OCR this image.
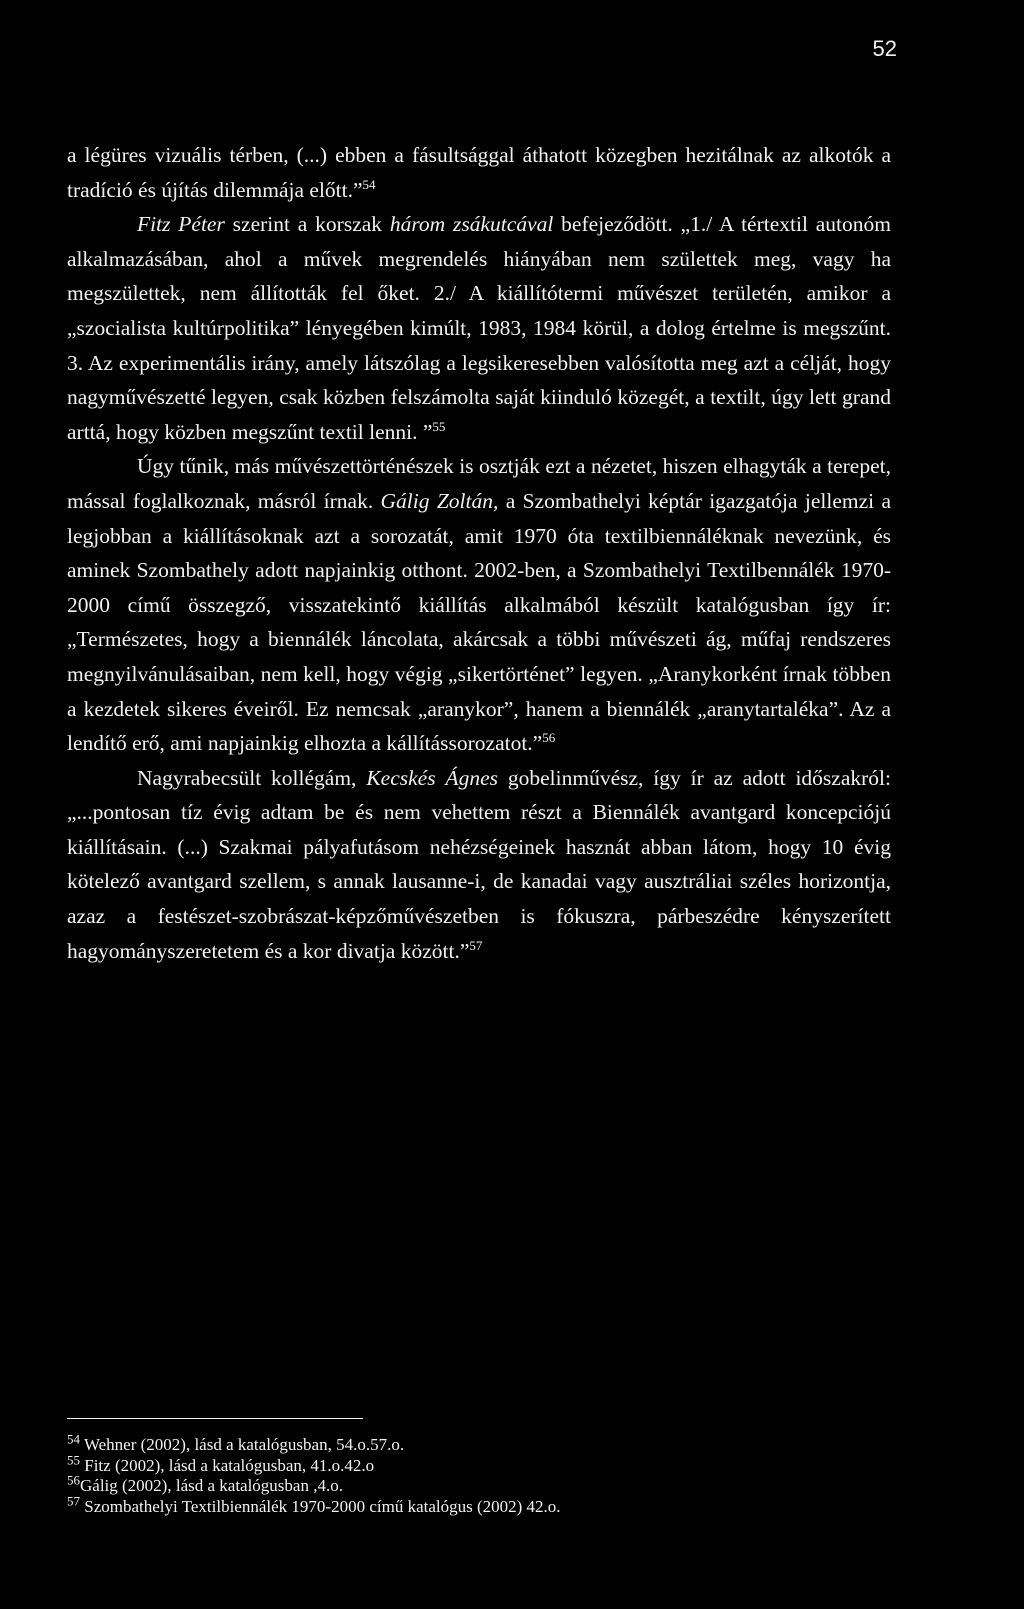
52

a légüres vizuális térben, (...) ebben a fásultsággal áthatott közegben hezitálnak az alkotók a tradíció és újítás dilemmája előtt.”$^{54}$

Fitz Péter szerint a korszak három zsákutcával befejeződött. „1./ A tértextil autonóm alkalmazásában, ahol a művek megrendelés hiányában nem születtek meg, vagy ha megszülettek, nem állították fel őket. 2./ A kiállítótermi művészet területén, amikor a „szocialista kultúrpolitika” lényegében kimúlt, 1983, 1984 körül, a dolog értelme is megszűnt. 3. Az experimentális irány, amely látszólag a legsikeresebben valósította meg azt a célját, hogy nagyművészetté legyen, csak közben felszámolta saját kiinduló közegét, a textilt, úgy lett grand arttá, hogy közben megszűnt textil lenni. ”$^{55}$

Úgy tűnik, más művészettörténészek is osztják ezt a nézetet, hiszen elhagyták a terepet, mással foglalkoznak, másról írnak. Gálig Zoltán, a Szombathelyi képtár igazgatója jellemzi a legjobban a kiállításoknak azt a sorozatát, amit 1970 óta textilbiennáléknak nevezünk, és aminek Szombathely adott napjainkig otthont. 2002-ben, a Szombathelyi Textilbennálék 1970-2000 című összegző, visszatekintő kiállítás alkalmából készült katalógusban így ír: „Természetes, hogy a biennálék láncolata, akárcsak a többi művészeti ág, műfaj rendszeres megnyilvánulásaiban, nem kell, hogy végig „sikertörténet” legyen. „Aranykorként írnak többen a kezdetek sikeres éveiről. Ez nemcsak „aranykor”, hanem a biennálék „aranytartaléka”. Az a lendítő erő, ami napjainkig elhozta a kállítássorozatot.”$^{56}$

Nagyrabecsült kollégám, Kecskés Ágnes gobelinművész, így ír az adott időszakról: „...pontosan tíz évig adtam be és nem vehettem részt a Biennálék avantgard koncepciójú kiállításain. (...) Szakmai pályafutásom nehézségeinek hasznát abban látom, hogy 10 évig kötelező avantgard szellem, s annak lausanne-i, de kanadai vagy ausztráliai széles horizontja, azaz a festészet-szobrászat-képzőművészetben is fókuszra, párbeszédre kényszerített hagyományszeretetem és a kor divatja között.”$^{57}$

$^{54}$ Wehner (2002), lásd a katalógusban, 54.o.57.o.
$^{55}$ Fitz (2002), lásd a katalógusban, 41.o.42.o
$^{56}$Gálig (2002), lásd a katalógusban ,4.o.
$^{57}$ Szombathelyi Textilbiennálék 1970-2000 című katalógus (2002) 42.o.
